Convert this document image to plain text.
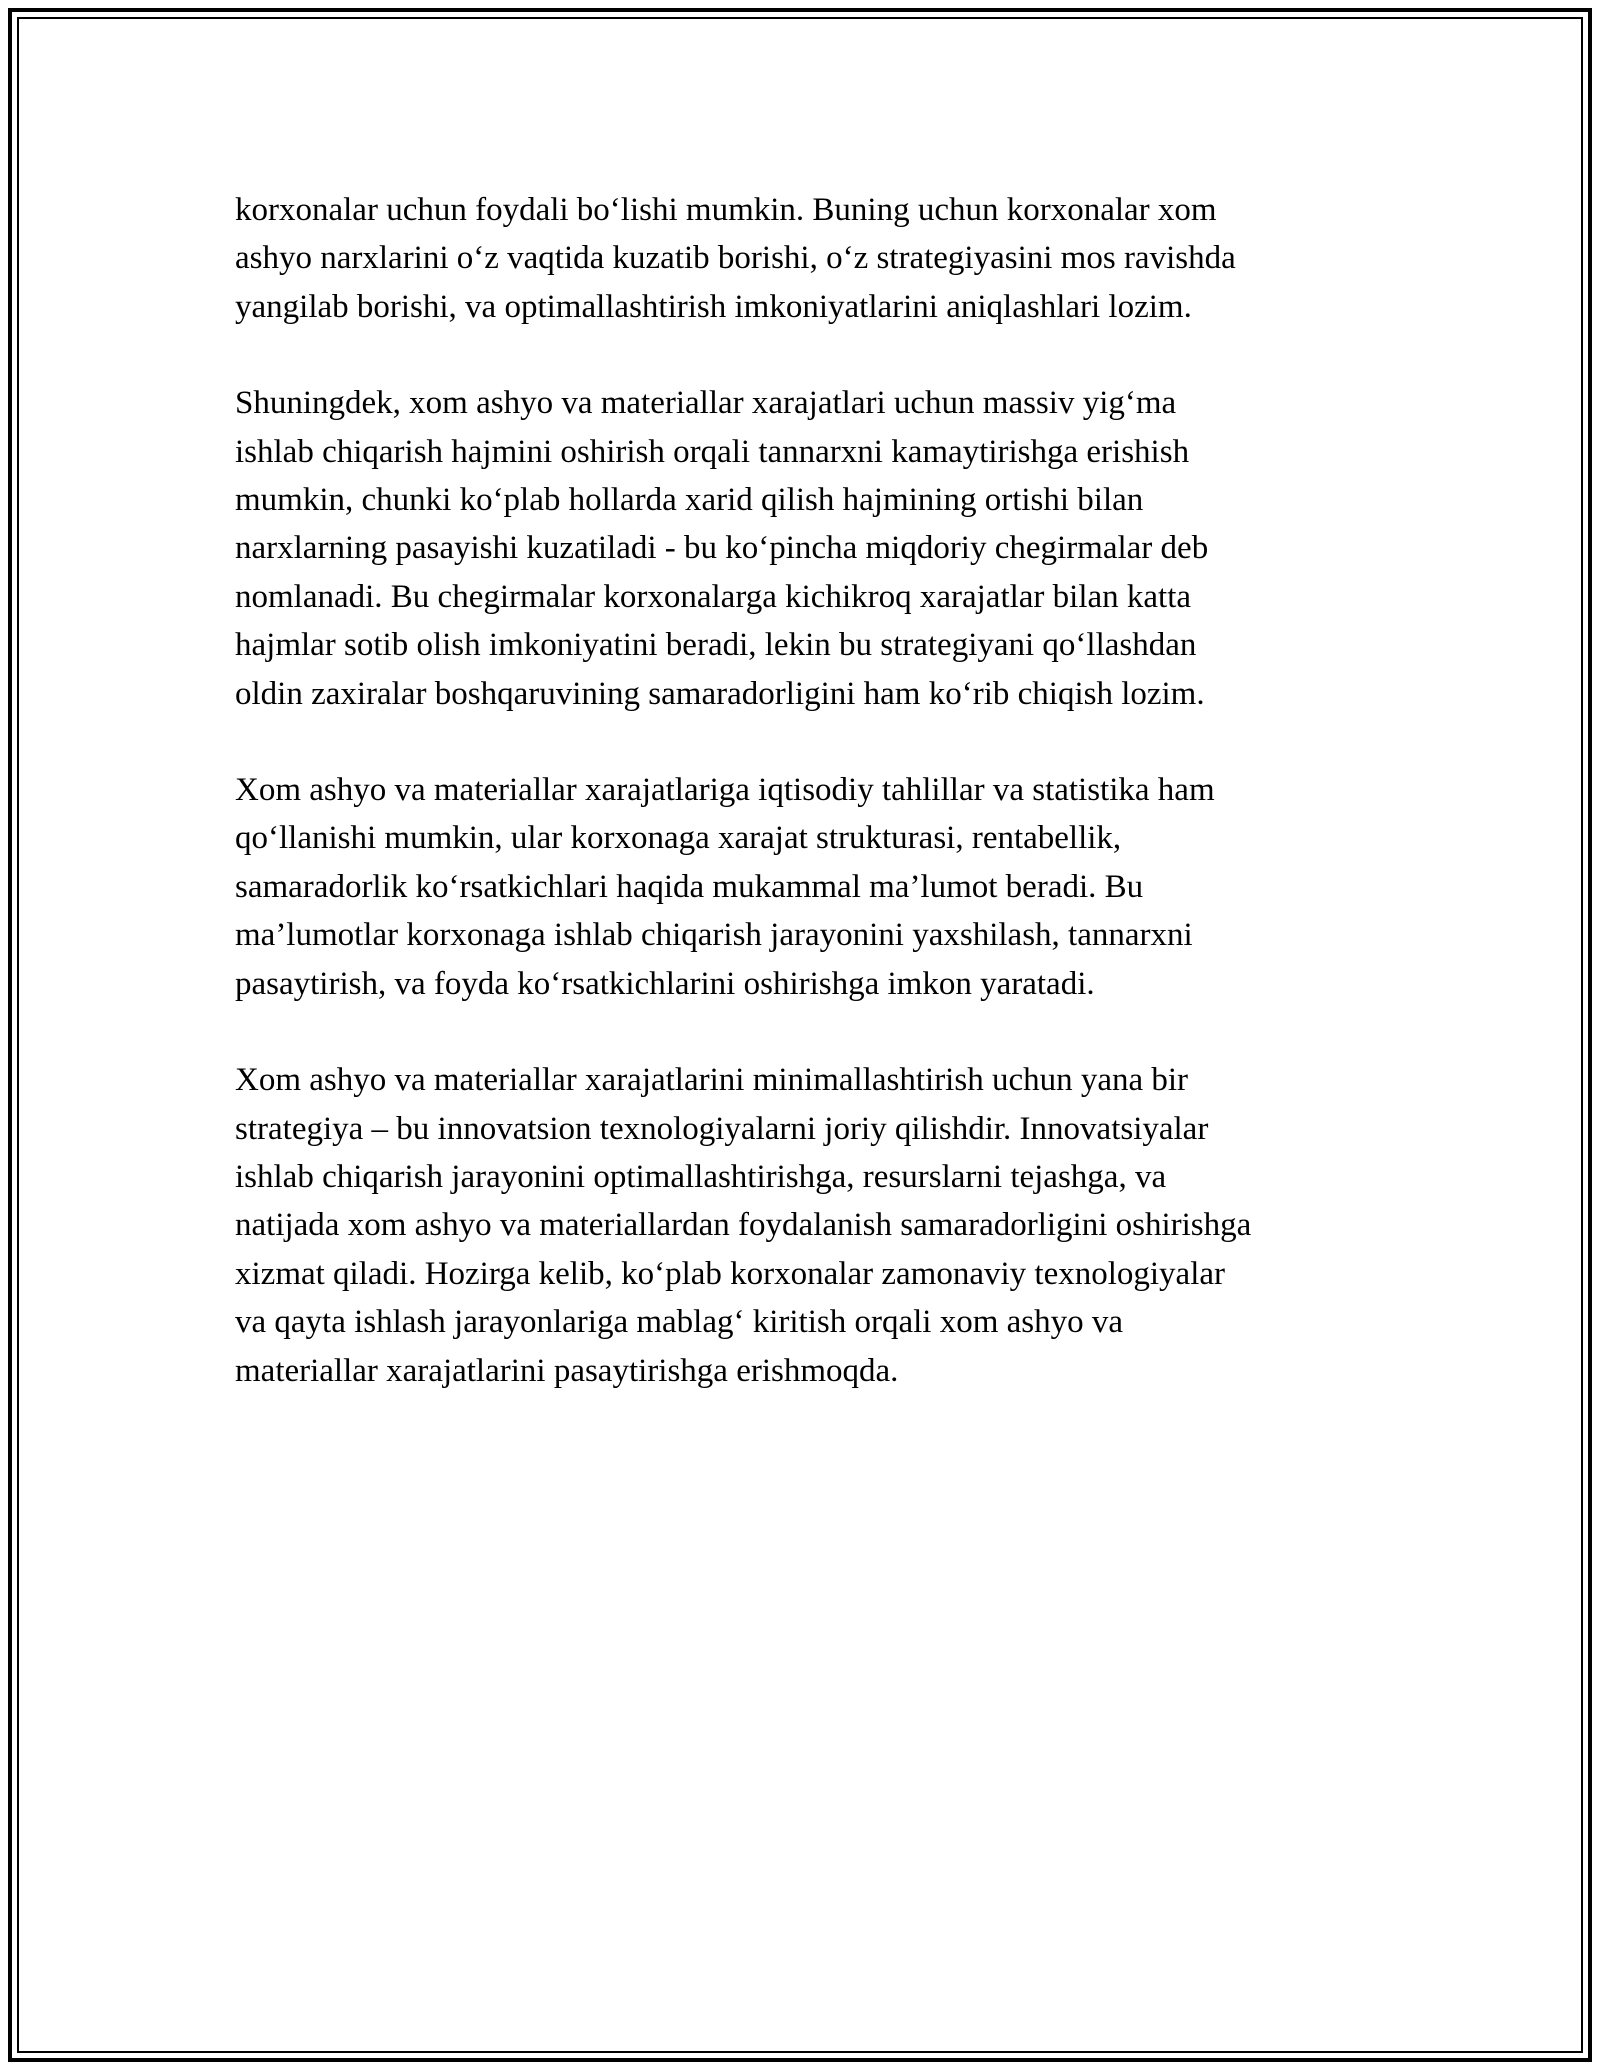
korxonalar uchun foydali bo‘lishi mumkin. Buning uchun korxonalar xom
ashyo narxlarini o‘z vaqtida kuzatib borishi, o‘z strategiyasini mos ravishda
yangilab borishi, va optimallashtirish imkoniyatlarini aniqlashlari lozim.

Shuningdek, xom ashyo va materiallar xarajatlari uchun massiv yig‘ma
ishlab chiqarish hajmini oshirish orqali tannarxni kamaytirishga erishish
mumkin, chunki ko‘plab hollarda xarid qilish hajmining ortishi bilan
narxlarning pasayishi kuzatiladi - bu ko‘pincha miqdoriy chegirmalar deb
nomlanadi. Bu chegirmalar korxonalarga kichikroq xarajatlar bilan katta
hajmlar sotib olish imkoniyatini beradi, lekin bu strategiyani qo‘llashdan
oldin zaxiralar boshqaruvining samaradorligini ham ko‘rib chiqish lozim.

Xom ashyo va materiallar xarajatlariga iqtisodiy tahlillar va statistika ham
qo‘llanishi mumkin, ular korxonaga xarajat strukturasi, rentabellik,
samaradorlik ko‘rsatkichlari haqida mukammal ma’lumot beradi. Bu
ma’lumotlar korxonaga ishlab chiqarish jarayonini yaxshilash, tannarxni
pasaytirish, va foyda ko‘rsatkichlarini oshirishga imkon yaratadi.

Xom ashyo va materiallar xarajatlarini minimallashtirish uchun yana bir
strategiya – bu innovatsion texnologiyalarni joriy qilishdir. Innovatsiyalar
ishlab chiqarish jarayonini optimallashtirishga, resurslarni tejashga, va
natijada xom ashyo va materiallardan foydalanish samaradorligini oshirishga
xizmat qiladi. Hozirga kelib, ko‘plab korxonalar zamonaviy texnologiyalar
va qayta ishlash jarayonlariga mablag‘ kiritish orqali xom ashyo va
materiallar xarajatlarini pasaytirishga erishmoqda.
